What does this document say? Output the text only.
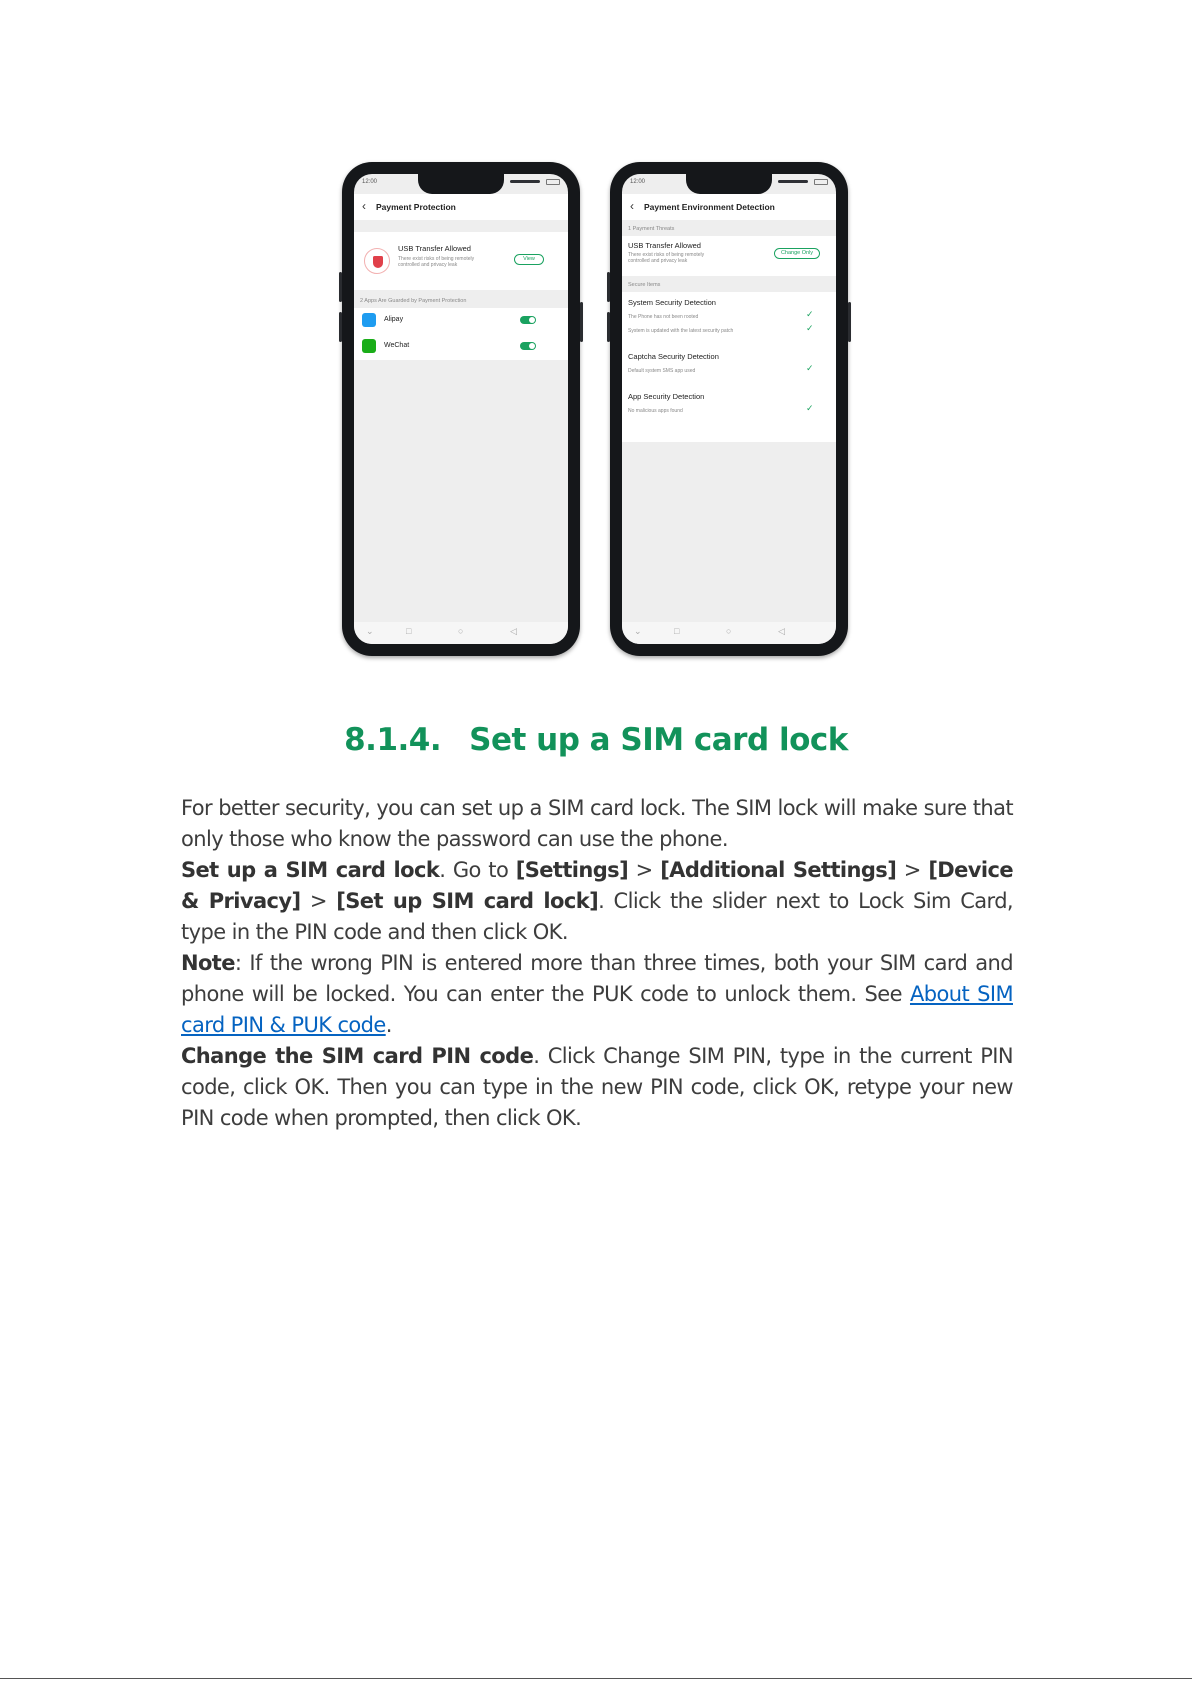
12:00
‹ Payment Protection
USB Transfer Allowed
There exist risks of being remotely controlled and privacy leak
View
2 Apps Are Guarded by Payment Protection
Alipay
WeChat
⌄	□	○	◁
12:00
‹ Payment Environment Detection
1 Payment Threats
USB Transfer Allowed
There exist risks of being remotely controlled and privacy leak
Change Only
Secure Items
System Security Detection
The Phone has not been rooted	✓
System is updated with the latest security patch	✓
Captcha Security Detection
Default system SMS app used	✓
App Security Detection
No malicious apps found	✓
⌄	□	○	◁
8.1.4. Set up a SIM card lock

For better security, you can set up a SIM card lock. The SIM lock will make sure that only those who know the password can use the phone.

Set up a SIM card lock. Go to [Settings] > [Additional Settings] > [Device & Privacy] > [Set up SIM card lock]. Click the slider next to Lock Sim Card, type in the PIN code and then click OK.

Note: If the wrong PIN is entered more than three times, both your SIM card and phone will be locked. You can enter the PUK code to unlock them. See About SIM card PIN & PUK code.

Change the SIM card PIN code. Click Change SIM PIN, type in the current PIN code, click OK. Then you can type in the new PIN code, click OK, retype your new PIN code when prompted, then click OK.
